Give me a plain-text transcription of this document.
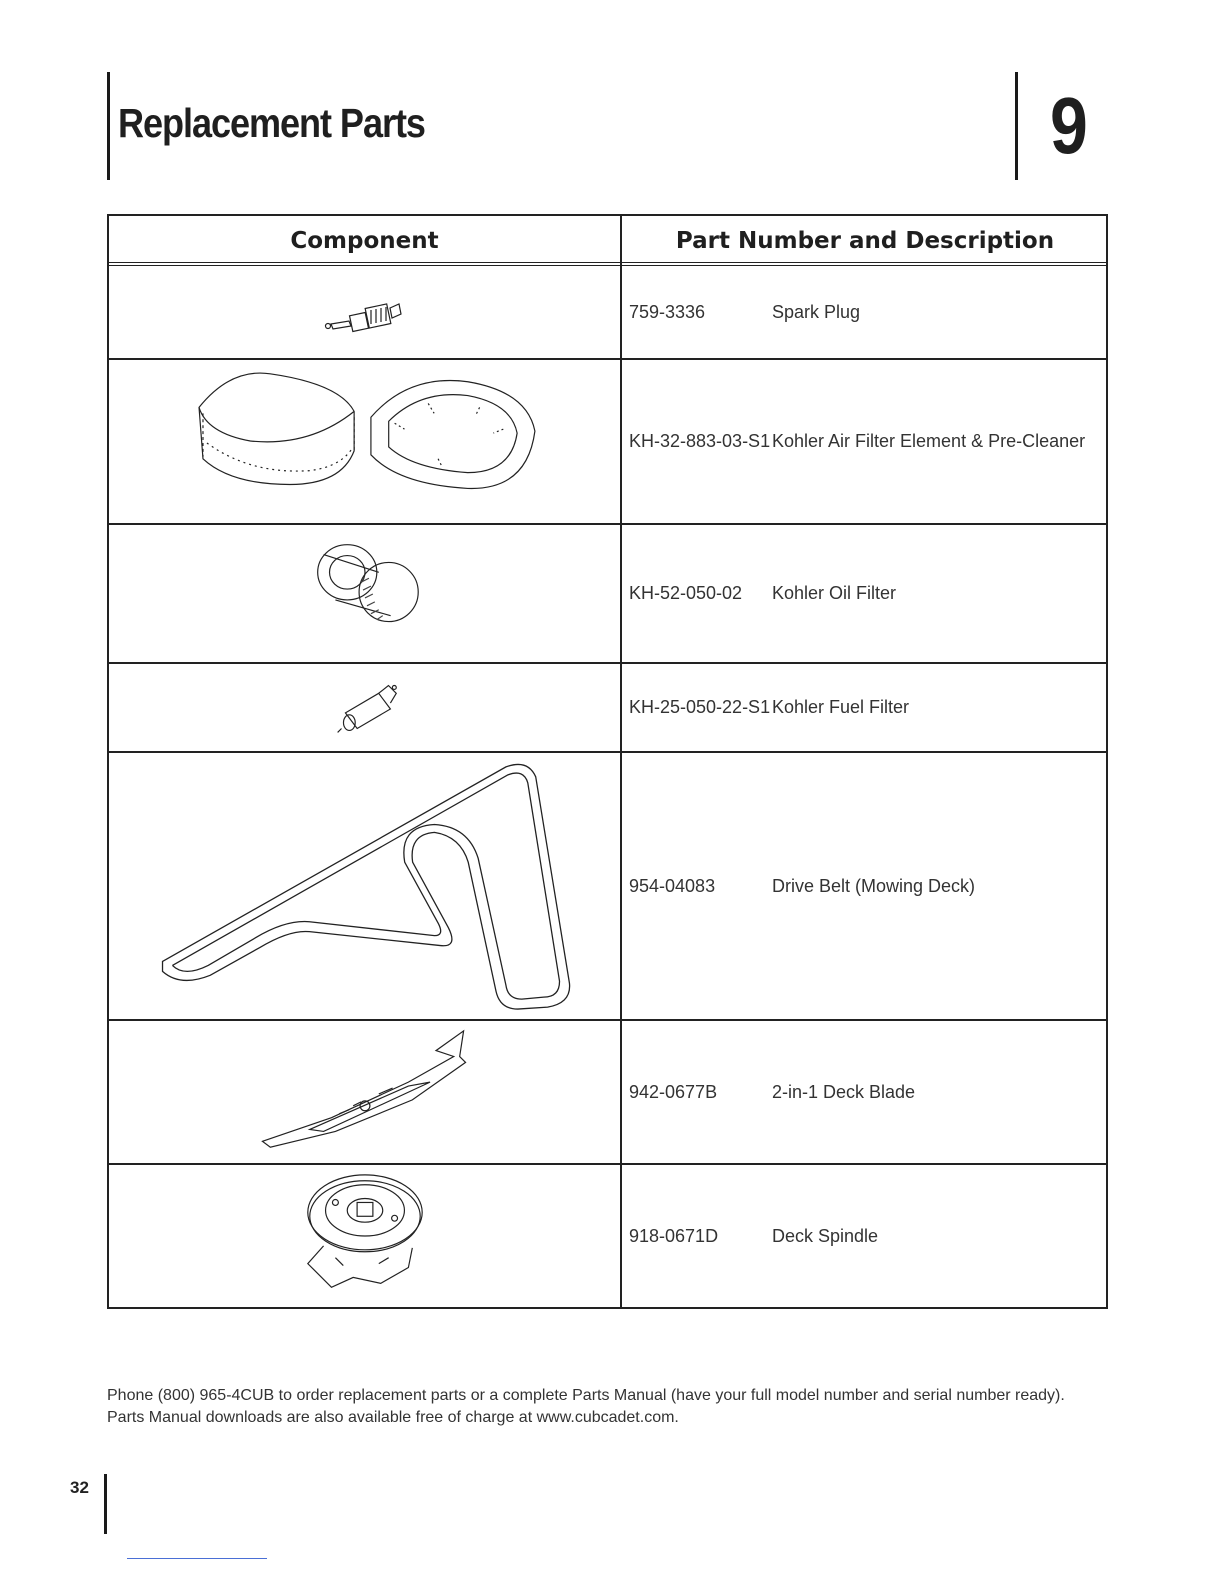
Replacement Parts	9
Component	Part Number and Description
759-3336	Spark Plug
KH-32-883-03-S1 Kohler Air Filter Element & Pre-Cleaner
KH-52-050-02	Kohler Oil Filter
KH-25-050-22-S1 Kohler Fuel Filter
954-04083	Drive Belt (Mowing Deck)
942-0677B	2-in-1 Deck Blade
918-0671D	Deck Spindle

Phone (800) 965-4CUB to order replacement parts or a complete Parts Manual (have your full model number and serial number ready). Parts Manual downloads are also available free of charge at www.cubcadet.com.

32
